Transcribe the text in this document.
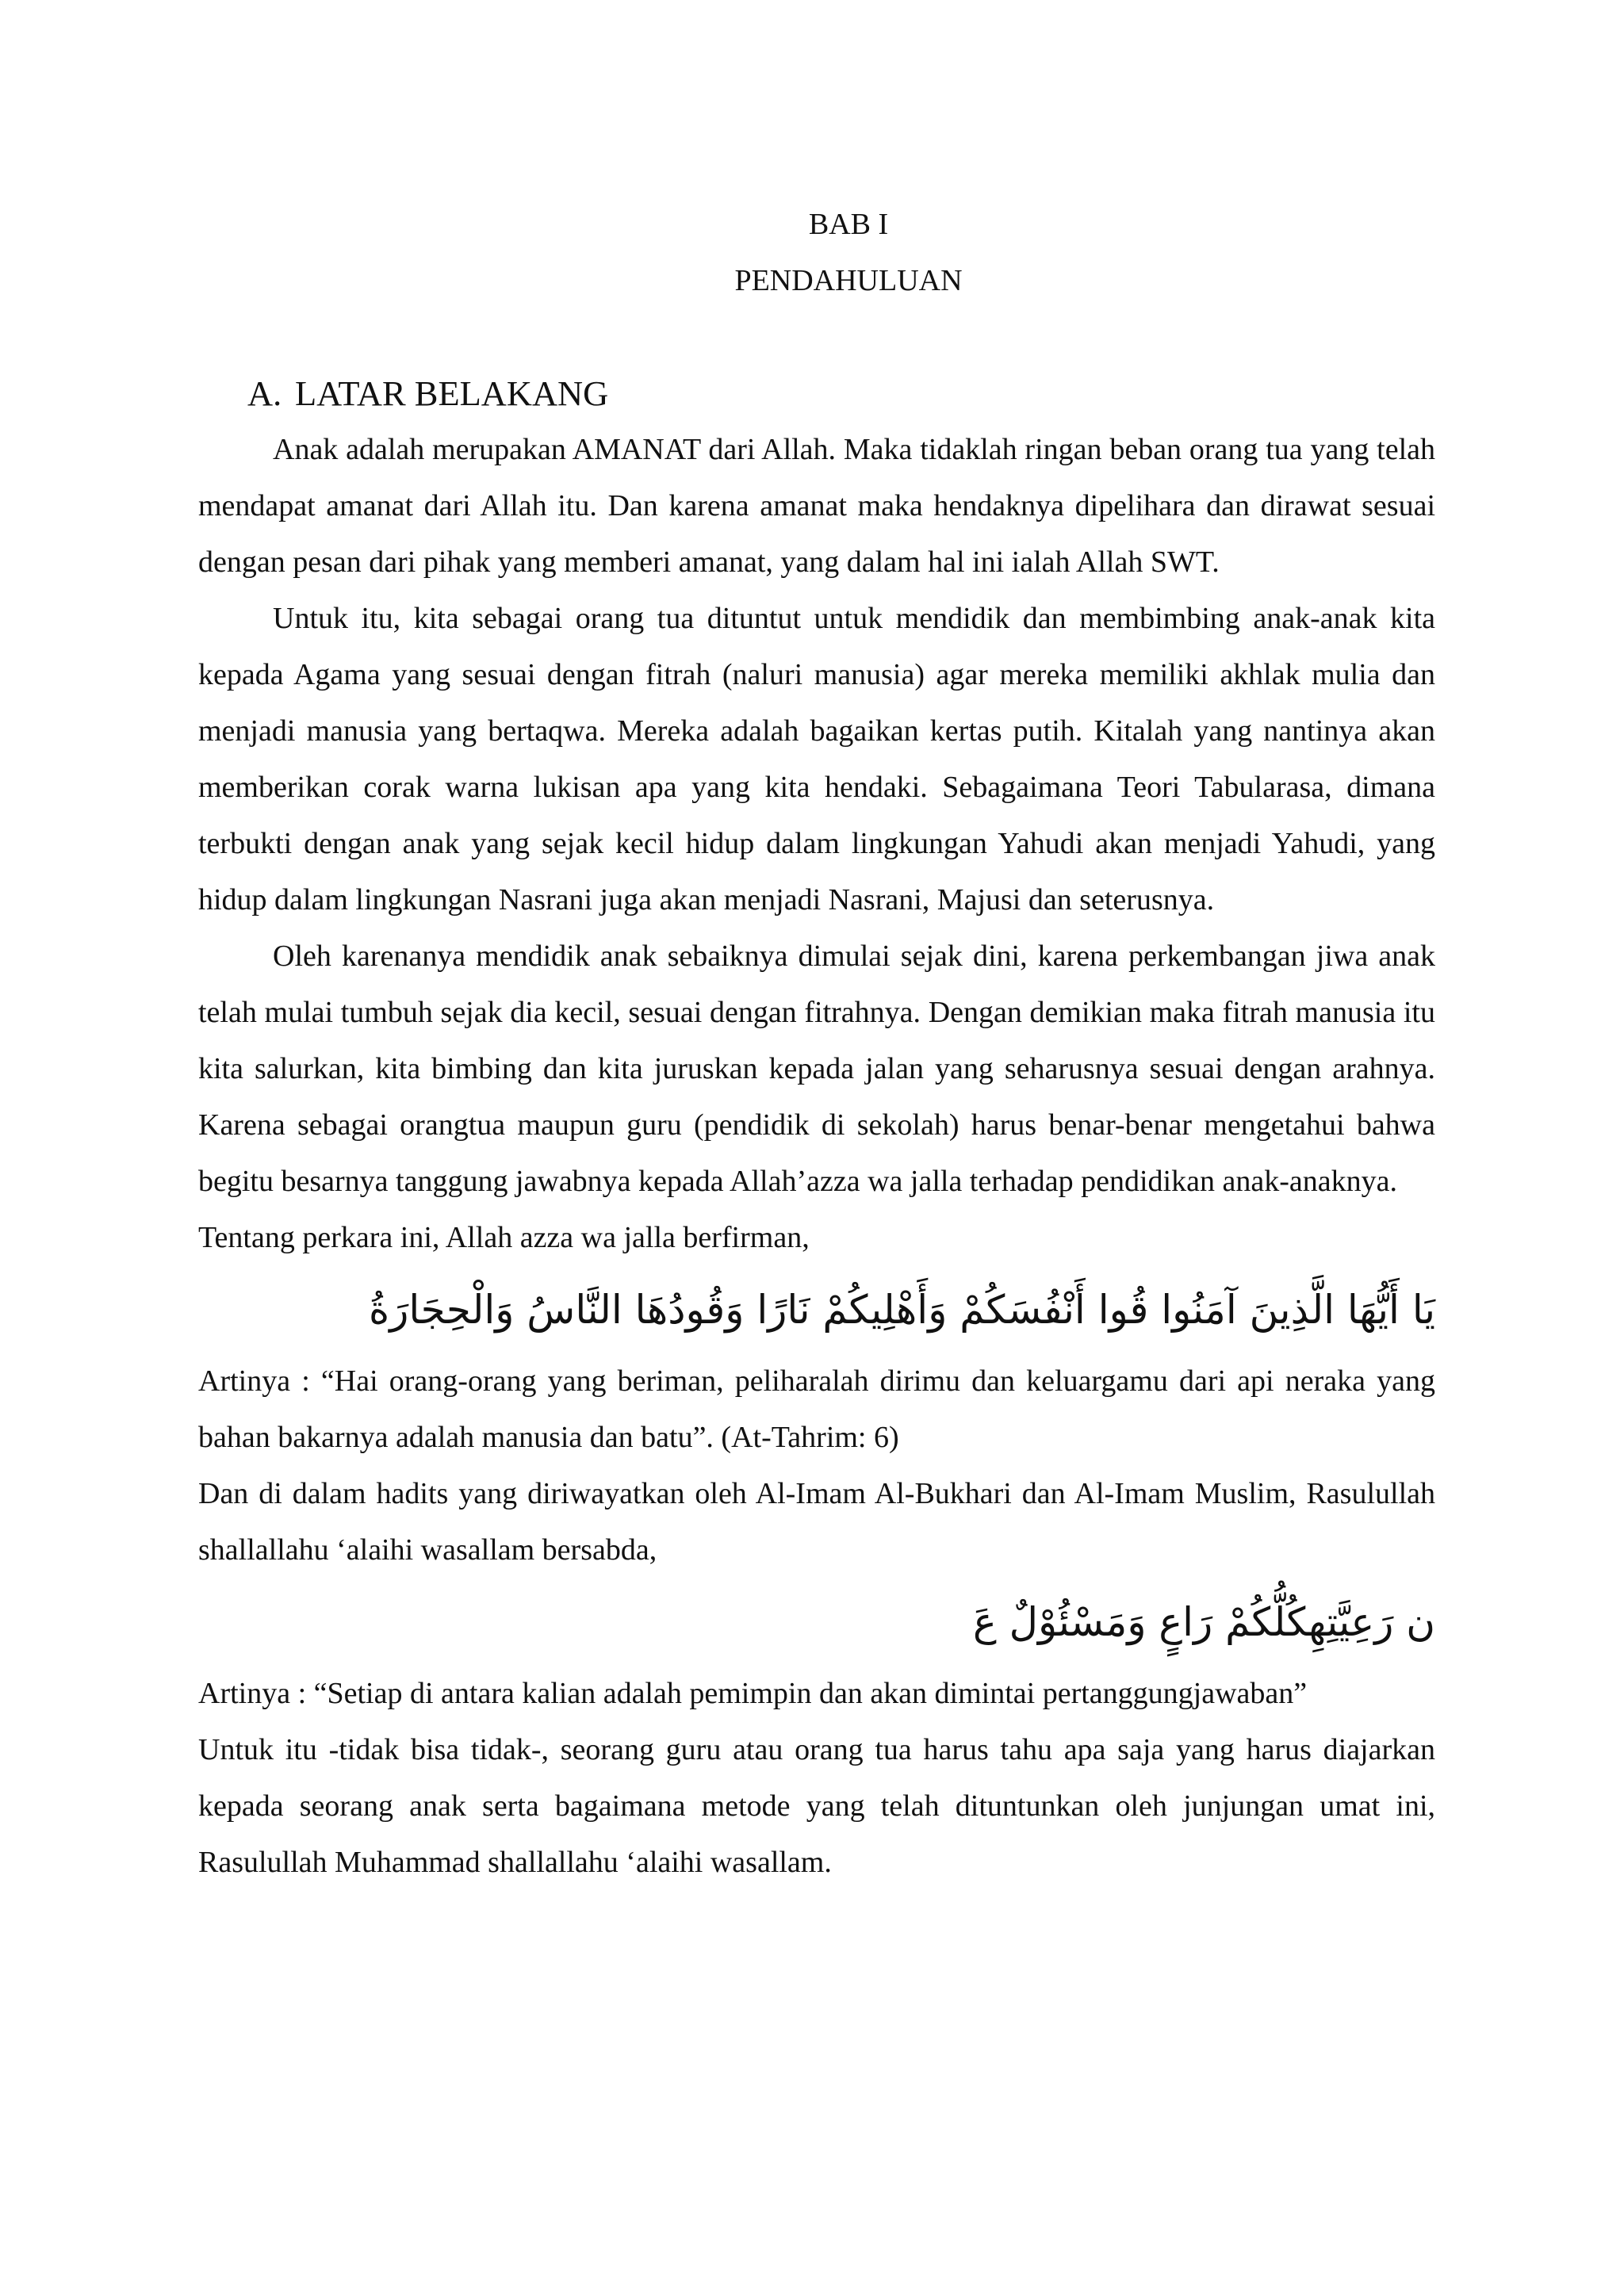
BAB I
PENDAHULUAN
A. LATAR BELAKANG

Anak adalah merupakan AMANAT dari Allah. Maka tidaklah ringan beban orang tua yang telah mendapat amanat dari Allah itu. Dan karena amanat maka hendaknya dipelihara dan dirawat sesuai dengan pesan dari pihak yang memberi amanat, yang dalam hal ini ialah Allah SWT.

Untuk itu, kita sebagai orang tua dituntut untuk mendidik dan membimbing anak-anak kita kepada Agama yang sesuai dengan fitrah (naluri manusia) agar mereka memiliki akhlak mulia dan menjadi manusia yang bertaqwa. Mereka adalah bagaikan kertas putih. Kitalah yang nantinya akan memberikan corak warna lukisan apa yang kita hendaki. Sebagaimana Teori Tabularasa, dimana terbukti dengan anak yang sejak kecil hidup dalam lingkungan Yahudi akan menjadi Yahudi, yang hidup dalam lingkungan Nasrani juga akan menjadi Nasrani, Majusi dan seterusnya.

Oleh karenanya mendidik anak sebaiknya dimulai sejak dini, karena perkembangan jiwa anak telah mulai tumbuh sejak dia kecil, sesuai dengan fitrahnya. Dengan demikian maka fitrah manusia itu kita salurkan, kita bimbing dan kita juruskan kepada jalan yang seharusnya sesuai dengan arahnya. Karena sebagai orangtua maupun guru (pendidik di sekolah) harus benar-benar mengetahui bahwa begitu besarnya tanggung jawabnya kepada Allah’azza wa jalla terhadap pendidikan anak-anaknya.

Tentang perkara ini, Allah azza wa jalla berfirman,

يَا أَيُّهَا الَّذِينَ آمَنُوا قُوا أَنْفُسَكُمْ وَأَهْلِيكُمْ نَارًا وَقُودُهَا النَّاسُ وَالْحِجَارَةُ

Artinya : “Hai orang-orang yang beriman, peliharalah dirimu dan keluargamu dari api neraka yang bahan bakarnya adalah manusia dan batu”. (At-Tahrim: 6)

Dan di dalam hadits yang diriwayatkan oleh Al-Imam Al-Bukhari dan Al-Imam Muslim, Rasulullah shallallahu ‘alaihi wasallam bersabda,

ن رَعِيَّتِهِكُلُّكُمْ رَاعٍ وَمَسْئُوْلٌ عَ

Artinya : “Setiap di antara kalian adalah pemimpin dan akan dimintai pertanggungjawaban”

Untuk itu -tidak bisa tidak-, seorang guru atau orang tua harus tahu apa saja yang harus diajarkan kepada seorang anak serta bagaimana metode yang telah dituntunkan oleh junjungan umat ini, Rasulullah Muhammad shallallahu ‘alaihi wasallam.
